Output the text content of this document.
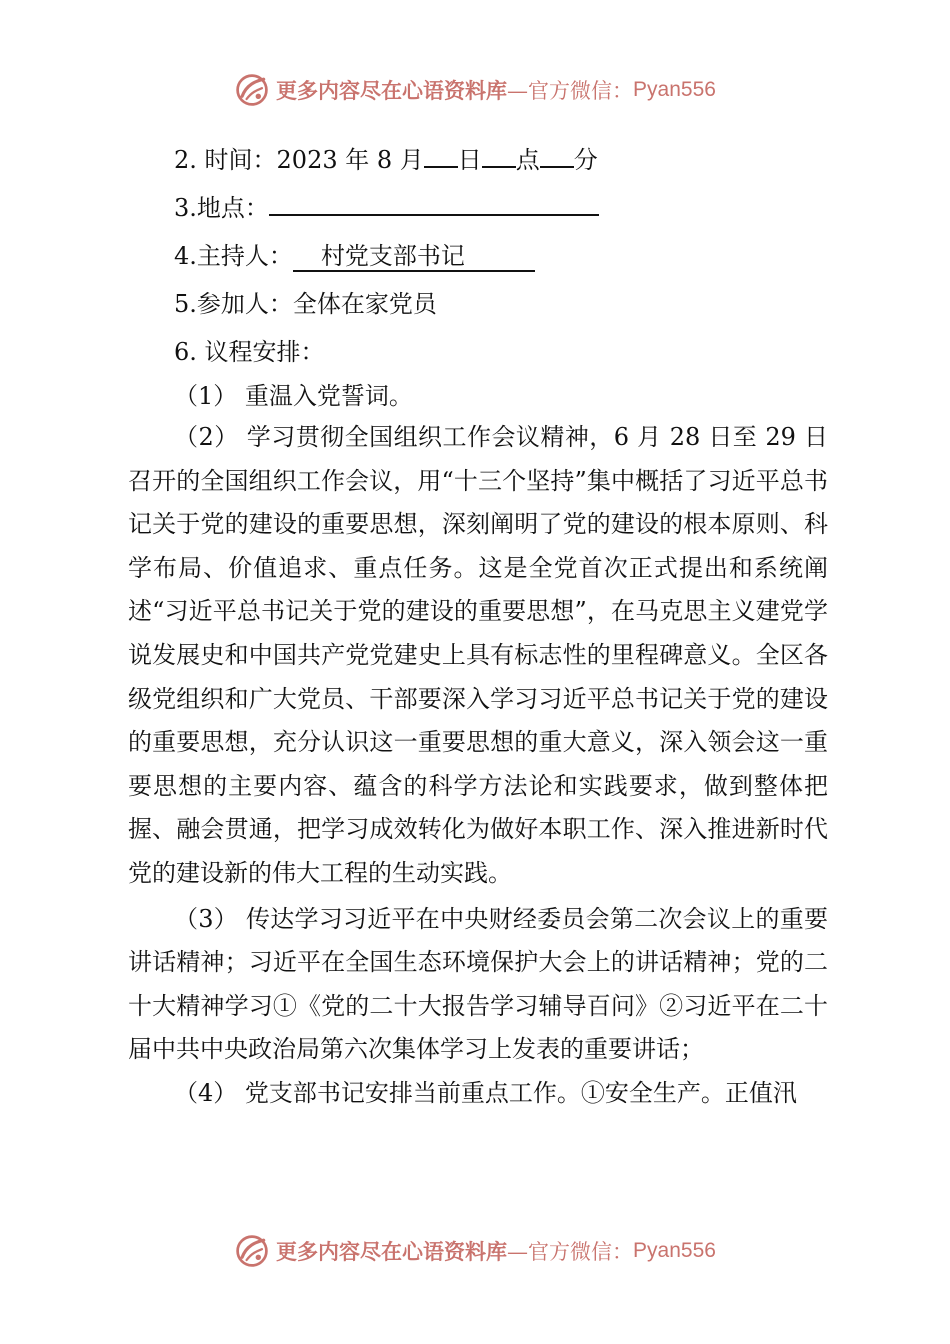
更多内容尽在心语资料库 —官方微信： Pyan556
2. 时间：2023 年 8 月 日 点 分
3.地点：
4.主持人： 村党支部书记
5.参加人：全体在家党员
6. 议程安排：

（1） 重温入党誓词。

（2） 学习贯彻全国组织工作会议精神，6 月 28 日至 29 日召开的全国组织工作会议，用“十三个坚持”集中概括了习近平总书记关于党的建设的重要思想，深刻阐明了党的建设的根本原则、科学布局、价值追求、重点任务。这是全党首次正式提出和系统阐述“习近平总书记关于党的建设的重要思想”，在马克思主义建党学说发展史和中国共产党党建史上具有标志性的里程碑意义。全区各级党组织和广大党员、干部要深入学习习近平总书记关于党的建设的重要思想，充分认识这一重要思想的重大意义，深入领会这一重要思想的主要内容、蕴含的科学方法论和实践要求，做到整体把握、融会贯通，把学习成效转化为做好本职工作、深入推进新时代党的建设新的伟大工程的生动实践。

（3） 传达学习习近平在中央财经委员会第二次会议上的重要讲话精神；习近平在全国生态环境保护大会上的讲话精神；党的二十大精神学习①《党的二十大报告学习辅导百问》②习近平在二十届中共中央政治局第六次集体学习上发表的重要讲话；

（4） 党支部书记安排当前重点工作。①安全生产。正值汛

更多内容尽在心语资料库 —官方微信： Pyan556
